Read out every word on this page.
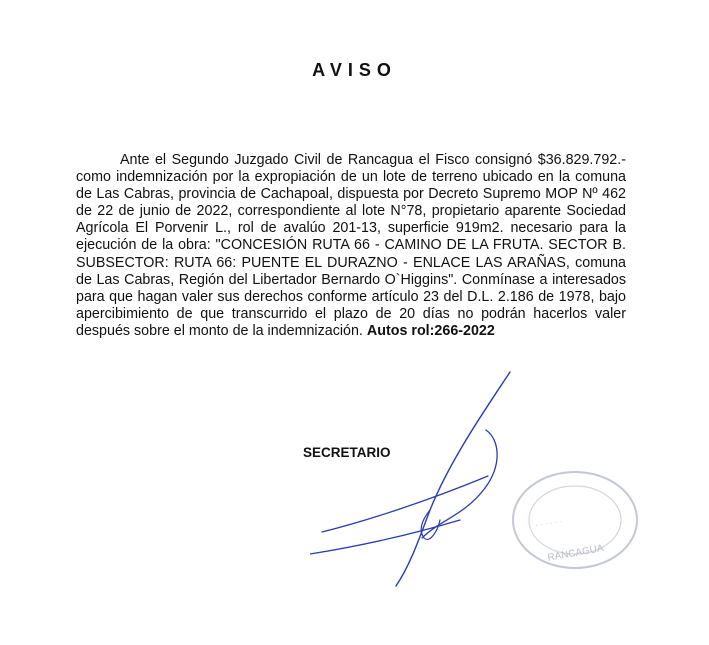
AVISO

Ante el Segundo Juzgado Civil de Rancagua el Fisco consignó $36.829.792.- como indemnización por la expropiación de un lote de terreno ubicado en la comuna de Las Cabras, provincia de Cachapoal, dispuesta por Decreto Supremo MOP Nº 462 de 22 de junio de 2022, correspondiente al lote N°78, propietario aparente Sociedad Agrícola El Porvenir L., rol de avalúo 201-13, superficie 919m2. necesario para la ejecución de la obra: "CONCESIÓN RUTA 66 - CAMINO DE LA FRUTA. SECTOR B. SUBSECTOR: RUTA 66: PUENTE EL DURAZNO - ENLACE LAS ARAÑAS, comuna de Las Cabras, Región del Libertador Bernardo O`Higgins". Conmínase a interesados para que hagan valer sus derechos conforme artículo 23 del D.L. 2.186 de 1978, bajo apercibimiento de que transcurrido el plazo de 20 días no podrán hacerlos valer después sobre el monto de la indemnización. Autos rol:266-2022

SECRETARIO

RANCAGUA
· · · · · ·
